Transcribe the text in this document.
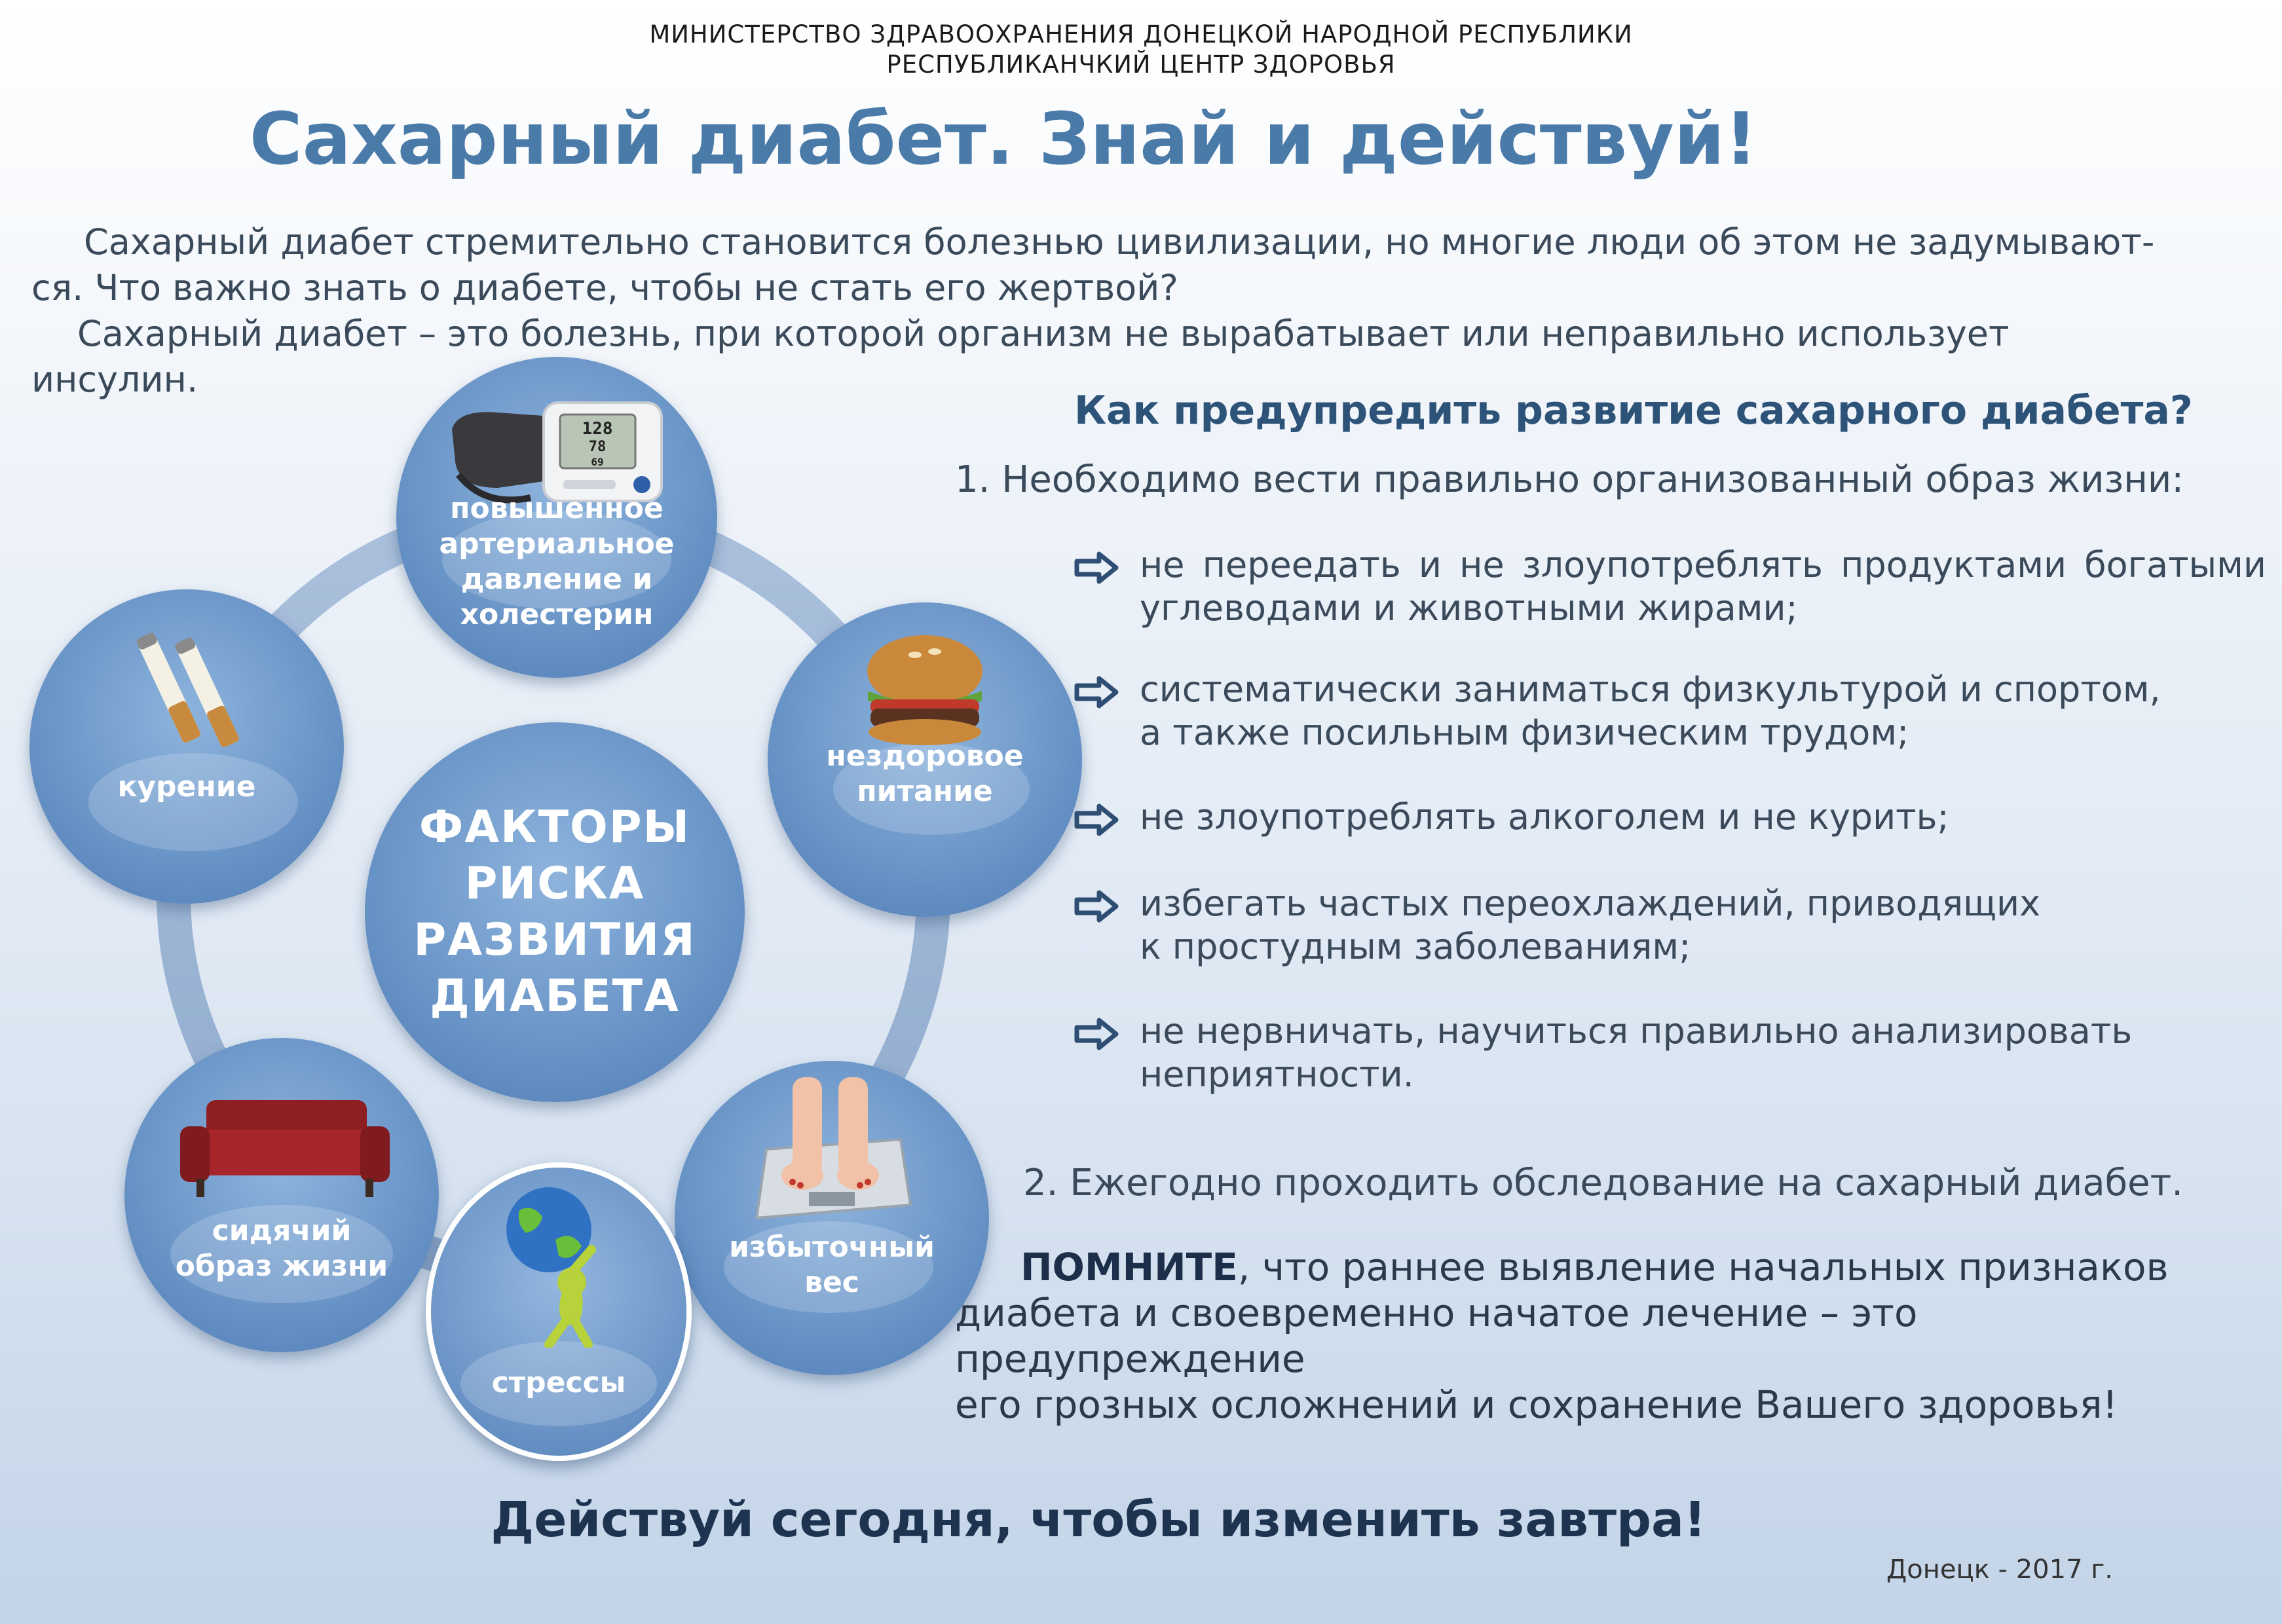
МИНИСТЕРСТВО ЗДРАВООХРАНЕНИЯ ДОНЕЦКОЙ НАРОДНОЙ РЕСПУБЛИКИ
РЕСПУБЛИКАНЧКИЙ ЦЕНТР ЗДОРОВЬЯ
Сахарный диабет. Знай и действуй!
Сахарный диабет стремительно становится болезнью цивилизации, но многие люди об этом не задумывают-
ся. Что важно знать о диабете, чтобы не стать его жертвой?
Сахарный диабет – это болезнь, при которой организм не вырабатывает или неправильно использует
инсулин.
ФАКТОРЫ
РИСКА
РАЗВИТИЯ
ДИАБЕТА
128
78
69
повышенное
артериальное
давление и
холестерин
нездоровое
питание
избыточный
вес
стрессы
сидячий
образ жизни
курение
Как предупредить развитие сахарного диабета?
1. Необходимо вести правильно организованный образ жизни:
не переедать и не злоупотреблять продуктами богатыми
углеводами и животными жирами;
систематически заниматься физкультурой и спортом,
а также посильным физическим трудом;
не злоупотреблять алкоголем и не курить;
избегать частых переохлаждений, приводящих
к простудным заболеваниям;
не нервничать, научиться правильно анализировать
неприятности.
2. Ежегодно проходить обследование на сахарный диабет.
ПОМНИТЕ, что раннее выявление начальных признаков
диабета и своевременно начатое лечение – это предупреждение
его грозных осложнений и сохранение Вашего здоровья!
Действуй сегодня, чтобы изменить завтра!
Донецк - 2017 г.
